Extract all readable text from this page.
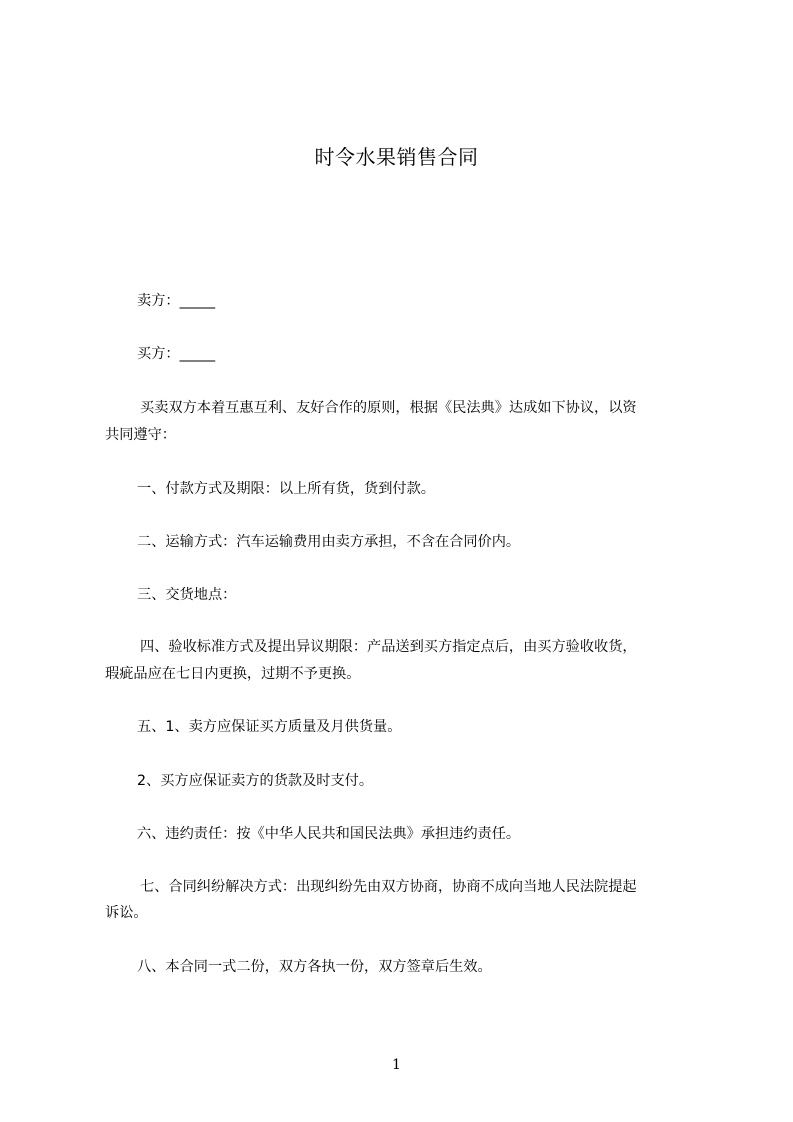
时令水果销售合同
卖方：_____
买方：_____
买卖双方本着互惠互利、友好合作的原则，根据《民法典》达成如下协议，以资
共同遵守：
一、付款方式及期限：以上所有货，货到付款。
二、运输方式：汽车运输费用由卖方承担，不含在合同价内。
三、交货地点：
四、验收标准方式及提出异议期限：产品送到买方指定点后，由买方验收收货，
瑕疵品应在七日内更换，过期不予更换。
五、1、卖方应保证买方质量及月供货量。
2、买方应保证卖方的货款及时支付。
六、违约责任：按《中华人民共和国民法典》承担违约责任。
七、合同纠纷解决方式：出现纠纷先由双方协商，协商不成向当地人民法院提起
诉讼。
八、本合同一式二份，双方各执一份，双方签章后生效。
1
